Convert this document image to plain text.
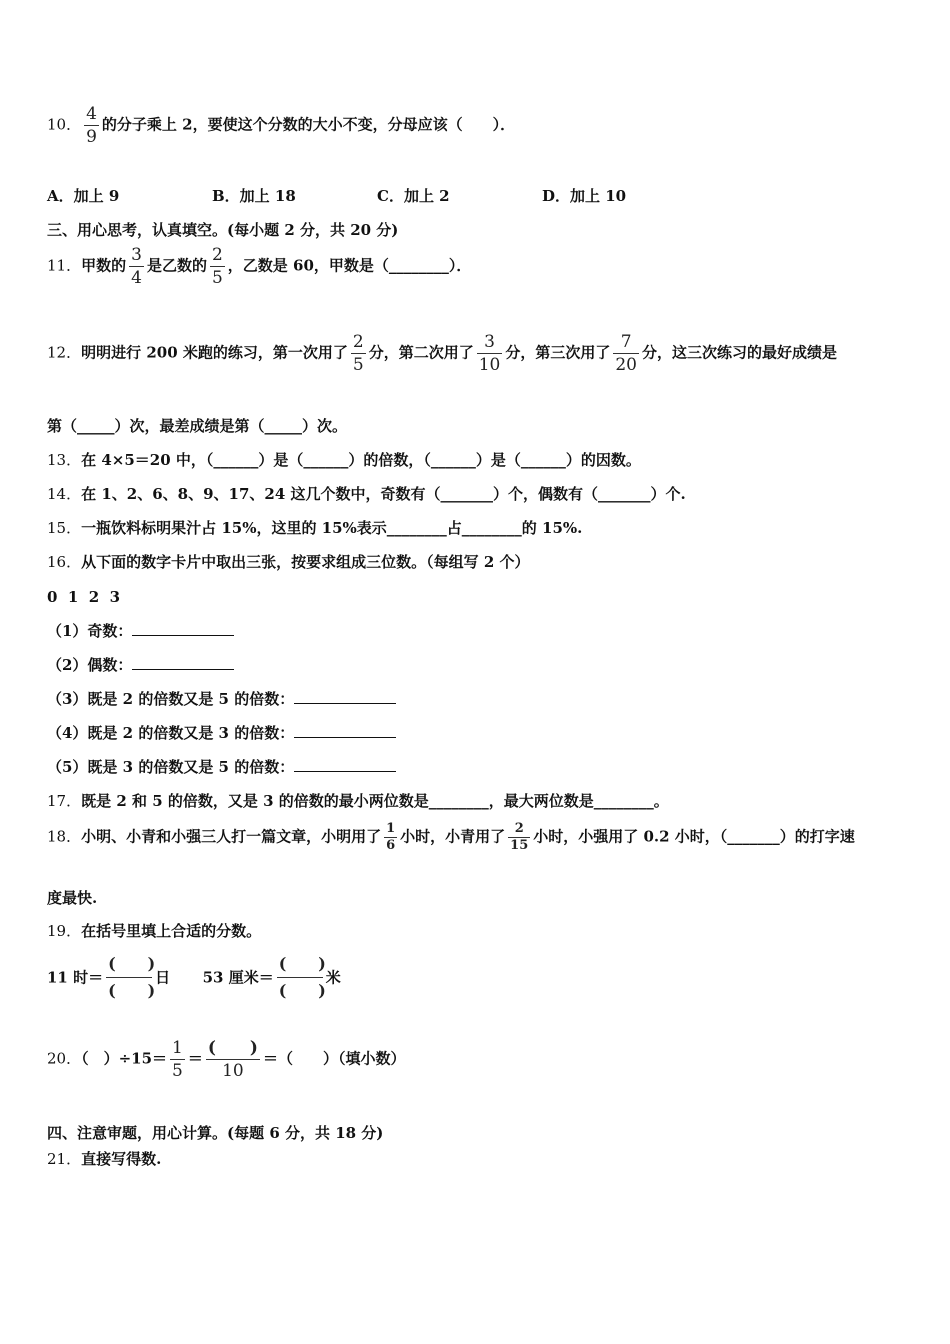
10． $\frac{4}{9}$ 的分子乘上 2，要使这个分数的大小不变，分母应该（　　）．
A．加上 9	B．加上 18	C．加上 2	D．加上 10
三、用心思考，认真填空。(每小题 2 分，共 20 分)
11．甲数的 $\frac{3}{4}$ 是乙数的 $\frac{2}{5}$ ，乙数是 60，甲数是（________）．
12．明明进行 200 米跑的练习，第一次用了 $\frac{2}{5}$ 分，第二次用了 $\frac{3}{10}$ 分，第三次用了 $\frac{7}{20}$ 分，这三次练习的最好成绩是
第（_____）次，最差成绩是第（_____）次。
13．在 4×5＝20 中，（______）是（______）的倍数，（______）是（______）的因数。
14．在 1、2、6、8、9、17、24 这几个数中，奇数有（_______）个，偶数有（_______）个.
15．一瓶饮料标明果汁占 15%，这里的 15%表示________占________的 15%.
16．从下面的数字卡片中取出三张，按要求组成三位数。（每组写 2 个）
0  1  2  3
（1）奇数：
（2）偶数：
（3）既是 2 的倍数又是 5 的倍数：
（4）既是 2 的倍数又是 3 的倍数：
（5）既是 3 的倍数又是 5 的倍数：
17．既是 2 和 5 的倍数，又是 3 的倍数的最小两位数是________，最大两位数是________。
18．小明、小青和小强三人打一篇文章，小明用了 $\frac{1}{6}$ 小时，小青用了 $\frac{2}{15}$ 小时，小强用了 0.2 小时，（_______）的打字速
度最快.
19．在括号里填上合适的分数。
11 时＝ $\frac{( )}{( )}$ 日 53 厘米＝ $\frac{( )}{( )}$ 米
20．（　）$\div 15= \frac{1}{5} = \frac{( )}{10}$ ＝（　　）（填小数）
四、注意审题，用心计算。(每题 6 分，共 18 分)
21．直接写得数.
